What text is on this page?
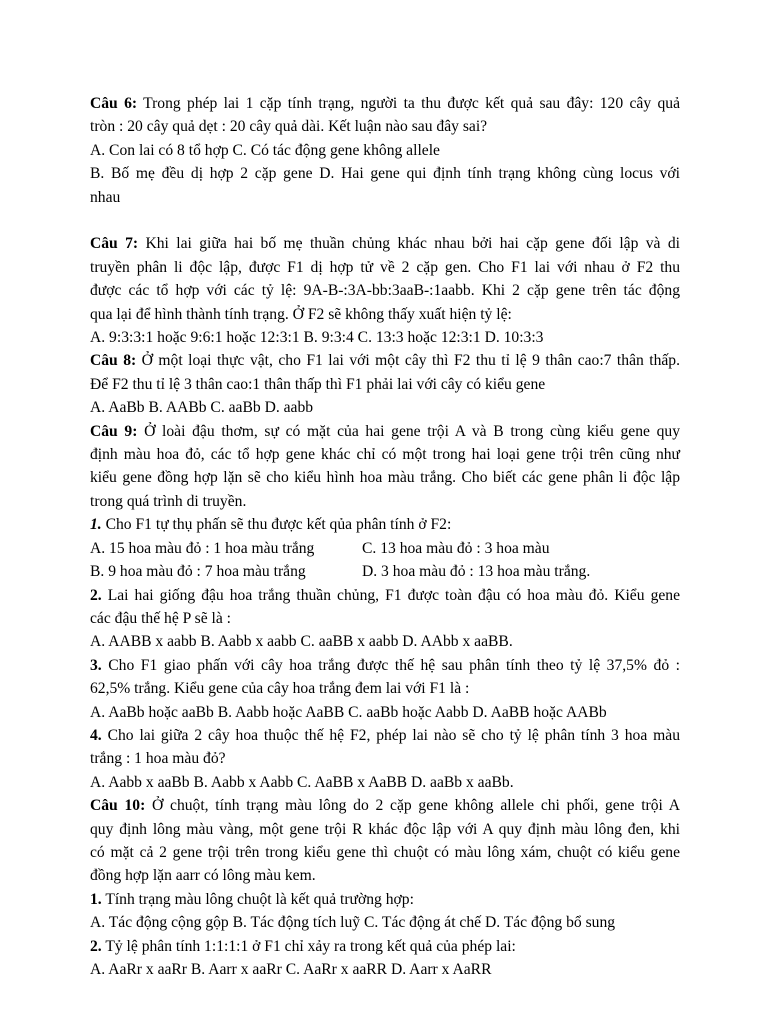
Câu 6: Trong phép lai 1 cặp tính trạng, người ta thu được kết quả sau đây: 120 cây quả
tròn : 20 cây quả dẹt : 20 cây quả dài. Kết luận nào sau đây sai?
A. Con lai có 8 tổ hợp C. Có tác động gene không allele
B. Bố mẹ đều dị hợp 2 cặp gene D. Hai gene qui định tính trạng không cùng locus với
nhau
Câu 7: Khi lai giữa hai bố mẹ thuần chủng khác nhau bởi hai cặp gene đối lập và di
truyền phân li độc lập, được F1 dị hợp tử về 2 cặp gen. Cho F1 lai với nhau ở F2 thu
được các tổ hợp với các tỷ lệ: 9A-B-:3A-bb:3aaB-:1aabb. Khi 2 cặp gene trên tác động
qua lại để hình thành tính trạng. Ở F2 sẽ không thấy xuất hiện tỷ lệ:
A. 9:3:3:1 hoặc 9:6:1 hoặc 12:3:1 B. 9:3:4 C. 13:3 hoặc 12:3:1 D. 10:3:3
Câu 8: Ở một loại thực vật, cho F1 lai với một cây thì F2 thu tỉ lệ 9 thân cao:7 thân thấp.
Để F2 thu tỉ lệ 3 thân cao:1 thân thấp thì F1 phải lai với cây có kiểu gene
A. AaBb B. AABb C. aaBb D. aabb
Câu 9: Ở loài đậu thơm, sự có mặt của hai gene trội A và B trong cùng kiểu gene quy
định màu hoa đỏ, các tổ hợp gene khác chỉ có một trong hai loại gene trội trên cũng như
kiểu gene đồng hợp lặn sẽ cho kiểu hình hoa màu trắng. Cho biết các gene phân li độc lập
trong quá trình di truyền.
1. Cho F1 tự thụ phấn sẽ thu được kết qủa phân tính ở F2:
A. 15 hoa màu đỏ : 1 hoa màu trắng	C. 13 hoa màu đỏ : 3 hoa màu
B. 9 hoa màu đỏ : 7 hoa màu trắng	D. 3 hoa màu đỏ : 13 hoa màu trắng.
2. Lai hai giống đậu hoa trắng thuần chủng, F1 được toàn đậu có hoa màu đỏ. Kiểu gene
các đậu thế hệ P sẽ là :
A. AABB x aabb B. Aabb x aabb C. aaBB x aabb D. AAbb x aaBB.
3. Cho F1 giao phấn với cây hoa trắng được thế hệ sau phân tính theo tỷ lệ 37,5% đỏ :
62,5% trắng. Kiểu gene của cây hoa trắng đem lai với F1 là :
A. AaBb hoặc aaBb B. Aabb hoặc AaBB C. aaBb hoặc Aabb D. AaBB hoặc AABb
4. Cho lai giữa 2 cây hoa thuộc thế hệ F2, phép lai nào sẽ cho tỷ lệ phân tính 3 hoa màu
trắng : 1 hoa màu đỏ?
A. Aabb x aaBb B. Aabb x Aabb C. AaBB x AaBB D. aaBb x aaBb.
Câu 10: Ở chuột, tính trạng màu lông do 2 cặp gene không allele chi phối, gene trội A
quy định lông màu vàng, một gene trội R khác độc lập với A quy định màu lông đen, khi
có mặt cả 2 gene trội trên trong kiểu gene thì chuột có màu lông xám, chuột có kiểu gene
đồng hợp lặn aarr có lông màu kem.
1. Tính trạng màu lông chuột là kết quả trường hợp:
A. Tác động cộng gộp B. Tác động tích luỹ C. Tác động át chế D. Tác động bổ sung
2. Tỷ lệ phân tính 1:1:1:1 ở F1 chỉ xảy ra trong kết quả của phép lai:
A. AaRr x aaRr B. Aarr x aaRr C. AaRr x aaRR D. Aarr x AaRR
